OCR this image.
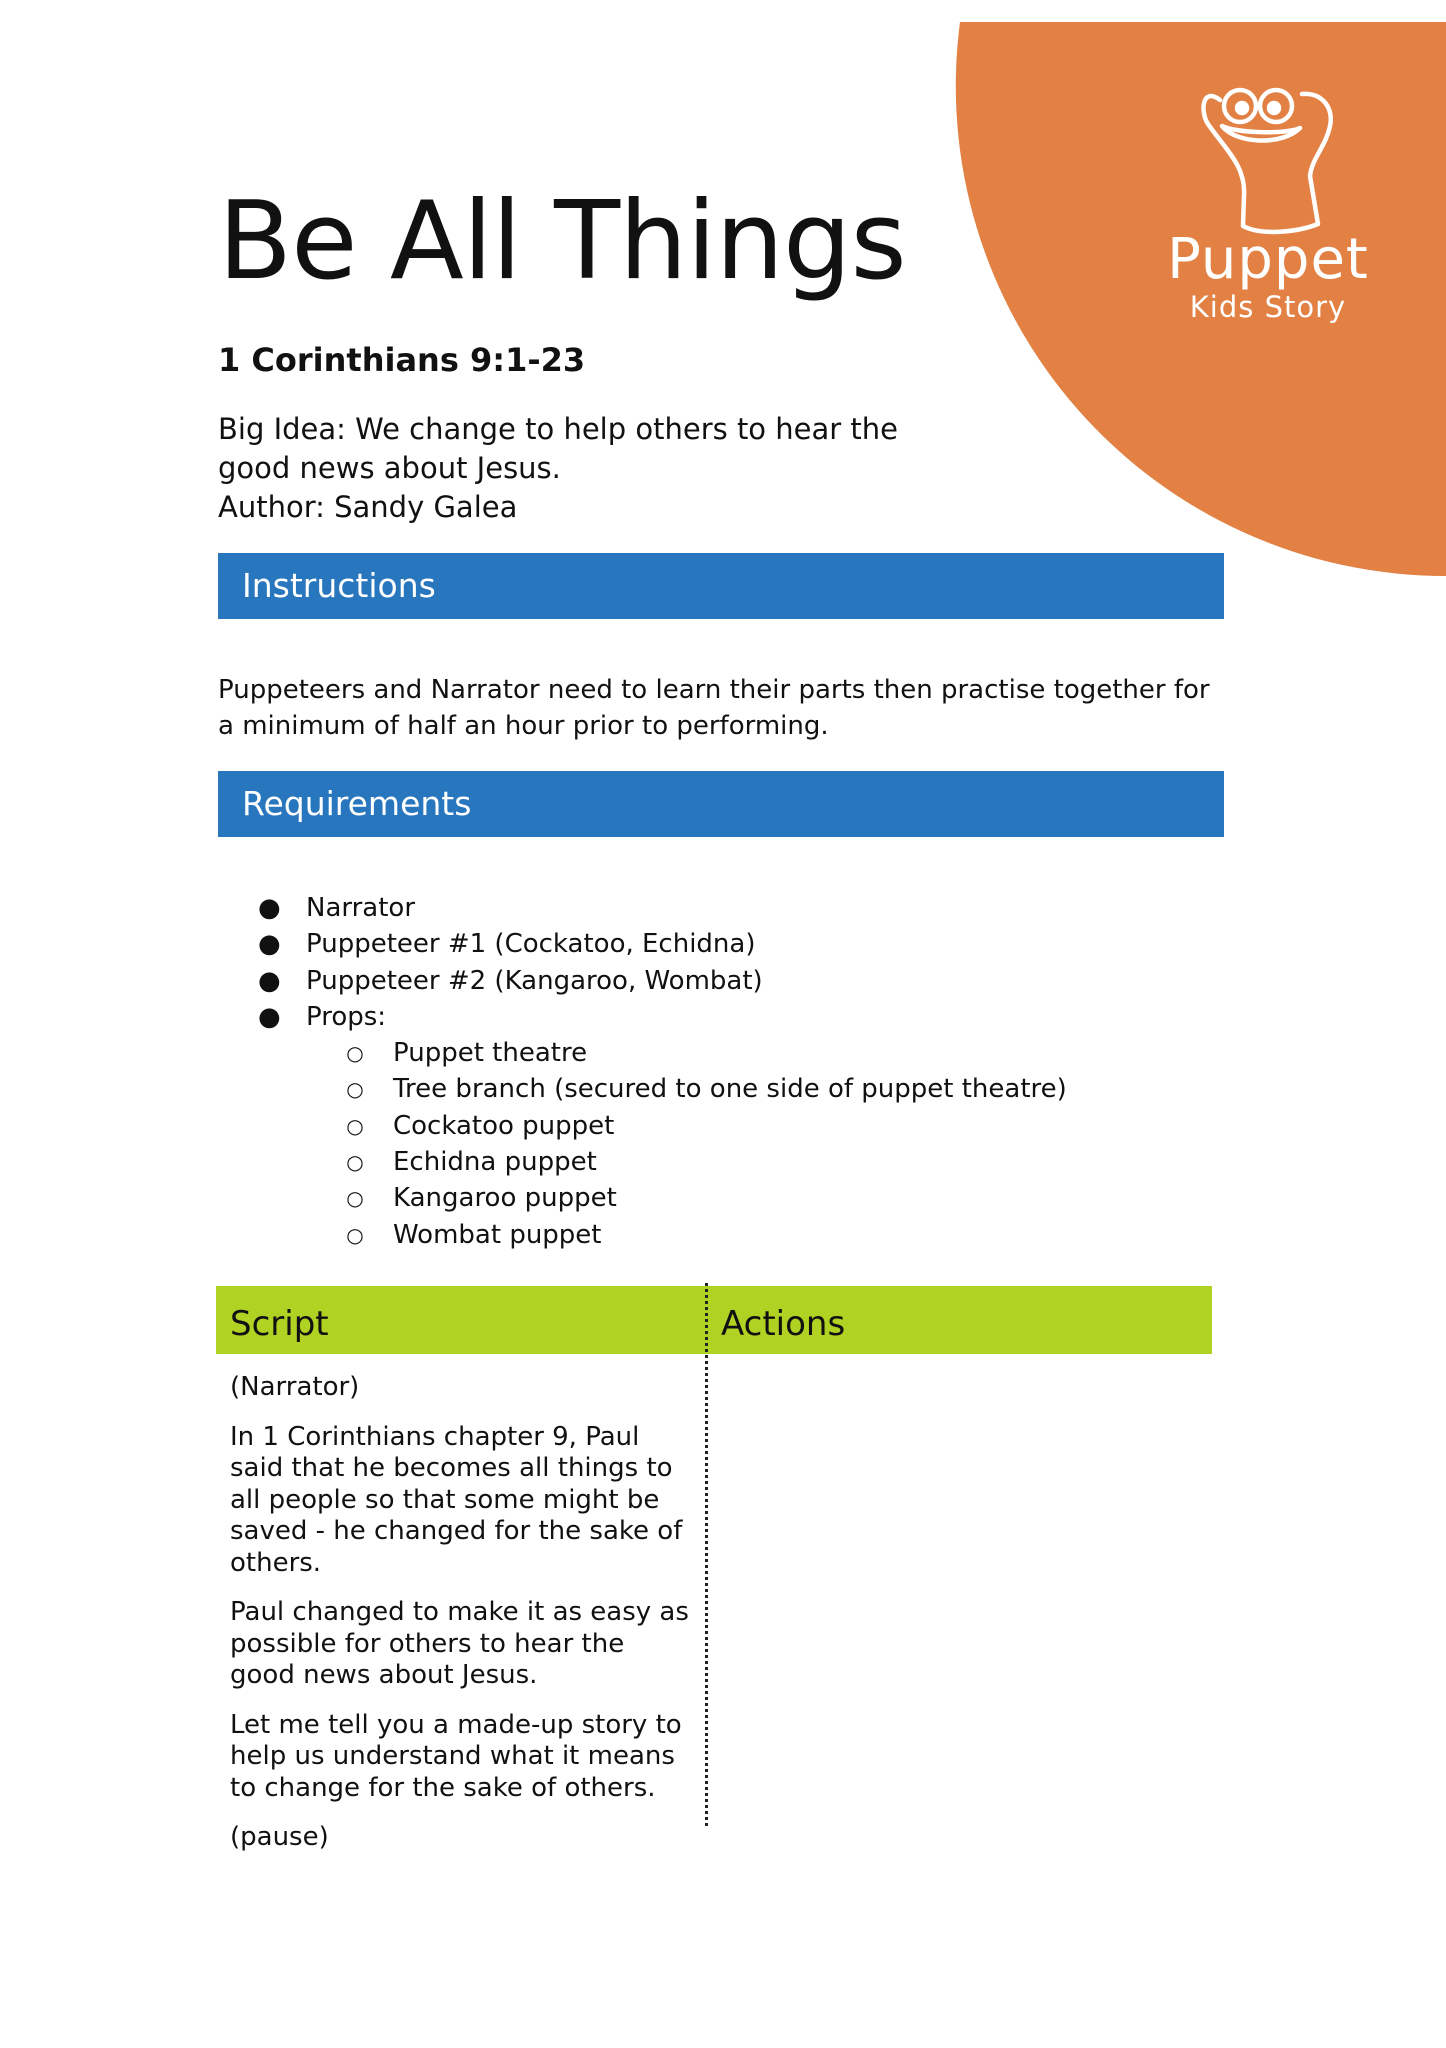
Puppet
Kids Story
Be All Things
1 Corinthians 9:1-23

Big Idea: We change to help others to hear the good news about Jesus.

Author: Sandy Galea

Instructions

Puppeteers and Narrator need to learn their parts then practise together for a minimum of half an hour prior to performing.

Requirements
● Narrator
● Puppeteer #1 (Cockatoo, Echidna)
● Puppeteer #2 (Kangaroo, Wombat)
● Props:
○ Puppet theatre
○ Tree branch (secured to one side of puppet theatre)
○ Cockatoo puppet
○ Echidna puppet
○ Kangaroo puppet
○ Wombat puppet
Script	Actions

(Narrator)

In 1 Corinthians chapter 9, Paul said that he becomes all things to all people so that some might be saved - he changed for the sake of others.

Paul changed to make it as easy as possible for others to hear the good news about Jesus.

Let me tell you a made-up story to help us understand what it means to change for the sake of others.

(pause)
